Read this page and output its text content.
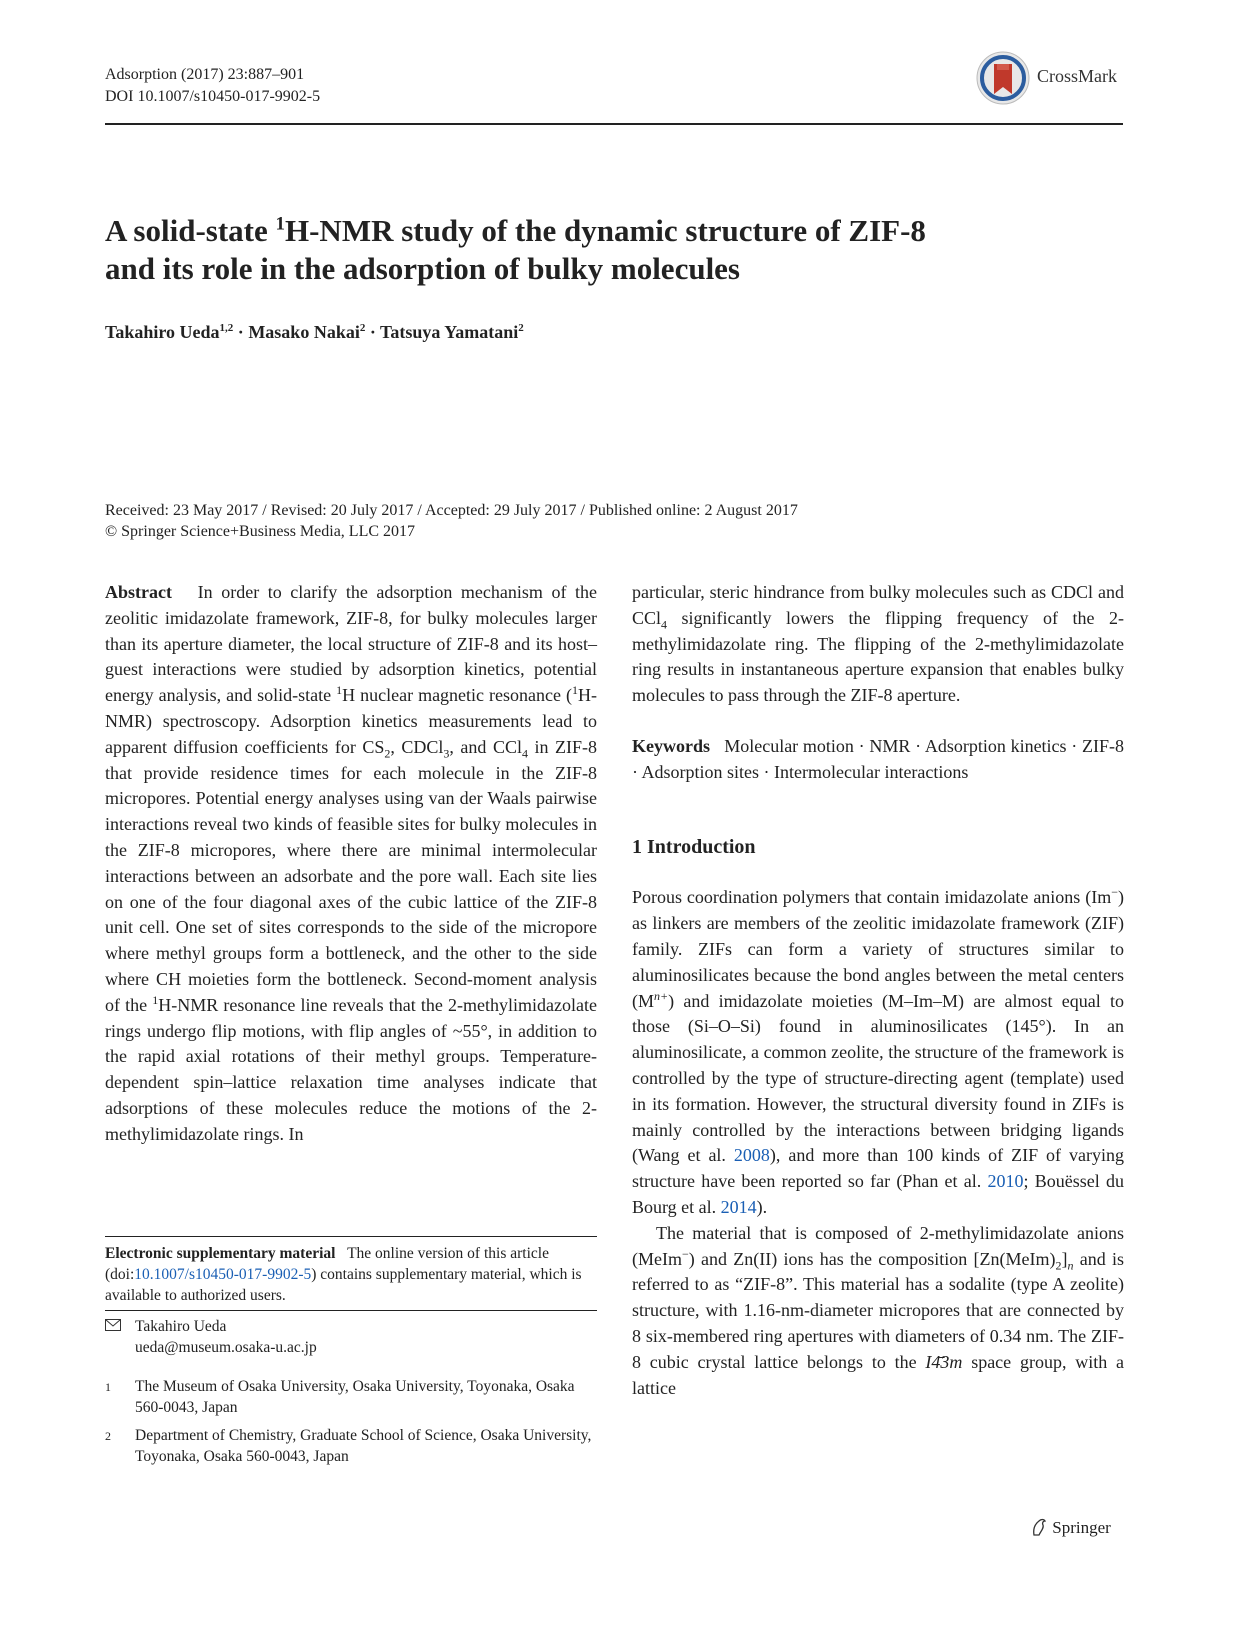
Adsorption (2017) 23:887–901
DOI 10.1007/s10450-017-9902-5
CrossMark
A solid-state $^1$H-NMR study of the dynamic structure of ZIF-8
and its role in the adsorption of bulky molecules
Takahiro Ueda$^{1,2}$ · Masako Nakai$^2$ · Tatsuya Yamatani$^2$
Received: 23 May 2017 / Revised: 20 July 2017 / Accepted: 29 July 2017 / Published online: 2 August 2017
© Springer Science+Business Media, LLC 2017

Abstract In order to clarify the adsorption mechanism of the zeolitic imidazolate framework, ZIF-8, for bulky molecules larger than its aperture diameter, the local structure of ZIF-8 and its host–guest interactions were studied by adsorption kinetics, potential energy analysis, and solid-state $^1$H nuclear magnetic resonance ($^1$H-NMR) spectroscopy. Adsorption kinetics measurements lead to apparent diffusion coefficients for $CS_2$, CDCl$_3$, and CCl$_4$ in ZIF-8 that provide residence times for each molecule in the ZIF-8 micropores. Potential energy analyses using van der Waals pairwise interactions reveal two kinds of feasible sites for bulky molecules in the ZIF-8 micropores, where there are minimal intermolecular interactions between an adsorbate and the pore wall. Each site lies on one of the four diagonal axes of the cubic lattice of the ZIF-8 unit cell. One set of sites corresponds to the side of the micropore where methyl groups form a bottleneck, and the other to the side where CH moieties form the bottleneck. Second-moment analysis of the $^1$H-NMR resonance line reveals that the 2-methylimidazolate rings undergo flip motions, with flip angles of ~55°, in addition to the rapid axial rotations of their methyl groups. Temperature-dependent spin–lattice relaxation time analyses indicate that adsorptions of these molecules reduce the motions of the 2-methylimidazolate rings. In

Electronic supplementary material The online version of this article (doi:10.1007/s10450-017-9902-5) contains supplementary material, which is available to authorized users.
Takahiro Ueda
ueda@museum.osaka-u.ac.jp
1 The Museum of Osaka University, Osaka University, Toyonaka, Osaka 560-0043, Japan
2 Department of Chemistry, Graduate School of Science, Osaka University, Toyonaka, Osaka 560-0043, Japan

particular, steric hindrance from bulky molecules such as CDCl and CCl$_4$ significantly lowers the flipping frequency of the 2-methylimidazolate ring. The flipping of the 2-methylimidazolate ring results in instantaneous aperture expansion that enables bulky molecules to pass through the ZIF-8 aperture.

Keywords Molecular motion · NMR · Adsorption kinetics · ZIF-8 · Adsorption sites · Intermolecular interactions

1 Introduction

Porous coordination polymers that contain imidazolate anions (Im−) as linkers are members of the zeolitic imidazolate framework (ZIF) family. ZIFs can form a variety of structures similar to aluminosilicates because the bond angles between the metal centers $(M^{n+})$ and imidazolate moieties (M–Im–M) are almost equal to those (Si–O–Si) found in aluminosilicates (145°). In an aluminosilicate, a common zeolite, the structure of the framework is controlled by the type of structure-directing agent (template) used in its formation. However, the structural diversity found in ZIFs is mainly controlled by the interactions between bridging ligands (Wang et al. 2008), and more than 100 kinds of ZIF of varying structure have been reported so far (Phan et al. 2010; Bouëssel du Bourg et al. 2014).

The material that is composed of 2-methylimidazolate anions (MeIm−) and Zn(II) ions has the composition $[Zn(MeIm)_2]_n$ and is referred to as “ZIF-8”. This material has a sodalite (type A zeolite) structure, with 1.16-nm-diameter micropores that are connected by 8 six-membered ring apertures with diameters of 0.34 nm. The ZIF-8 cubic crystal lattice belongs to the I4̄3m space group, with a lattice

Springer
